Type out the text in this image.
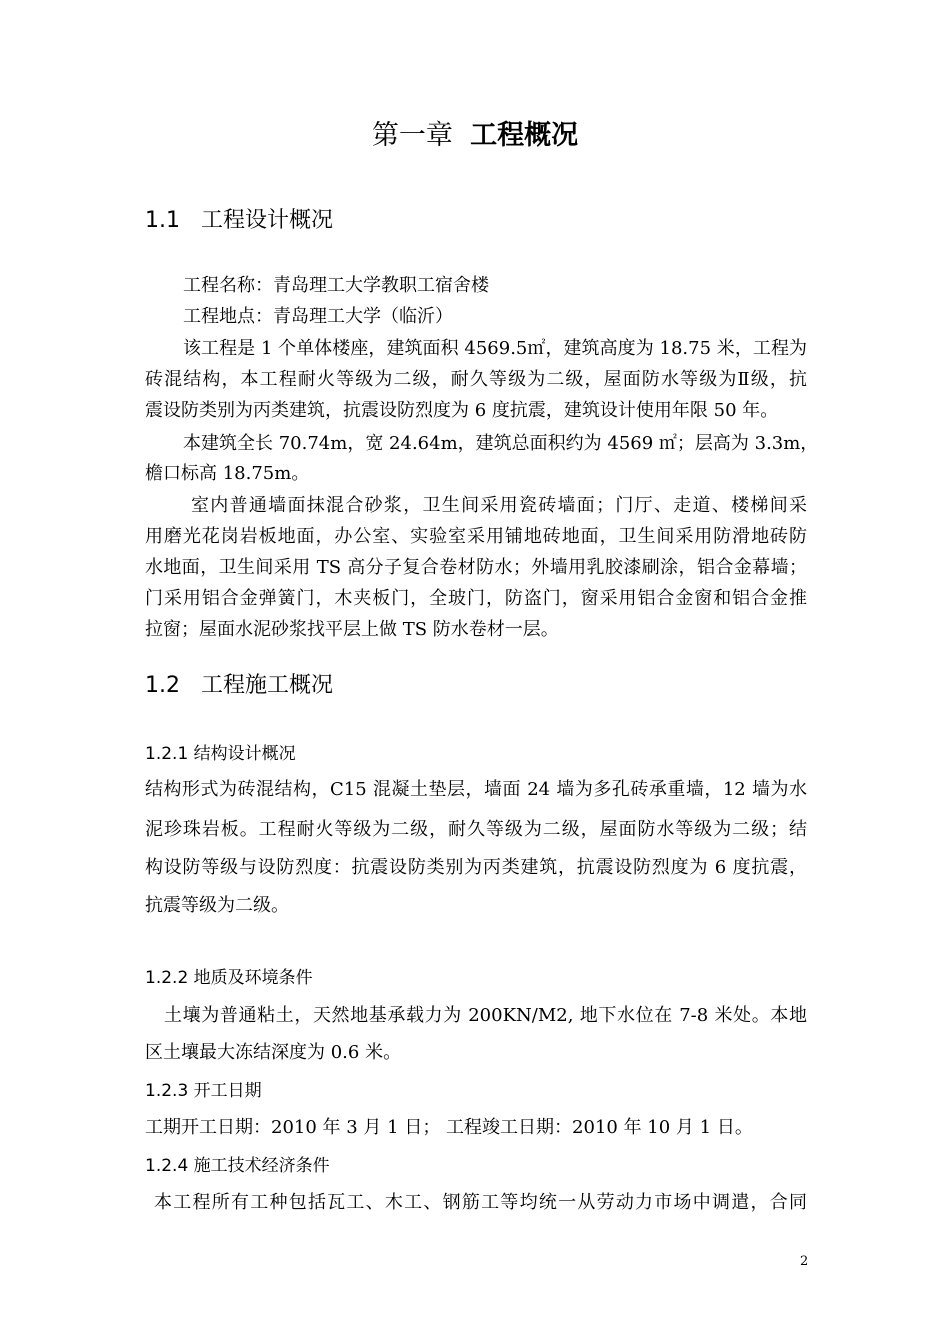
第一章 工程概况
1.1 工程设计概况
工程名称：青岛理工大学教职工宿舍楼
工程地点：青岛理工大学（临沂）
该工程是 1 个单体楼座，建筑面积 4569.5㎡，建筑高度为 18.75 米，工程为
砖混结构，本工程耐火等级为二级，耐久等级为二级，屋面防水等级为Ⅱ级，抗
震设防类别为丙类建筑，抗震设防烈度为 6 度抗震，建筑设计使用年限 50 年。
本建筑全长 70.74m，宽 24.64m，建筑总面积约为 4569 ㎡；层高为 3.3m，
檐口标高 18.75m。
室内普通墙面抹混合砂浆，卫生间采用瓷砖墙面；门厅、走道、楼梯间采
用磨光花岗岩板地面，办公室、实验室采用铺地砖地面，卫生间采用防滑地砖防
水地面，卫生间采用 TS 高分子复合卷材防水；外墙用乳胶漆刷涂，铝合金幕墙；
门采用铝合金弹簧门，木夹板门，全玻门，防盗门，窗采用铝合金窗和铝合金推
拉窗；屋面水泥砂浆找平层上做 TS 防水卷材一层。
1.2 工程施工概况
1.2.1 结构设计概况
结构形式为砖混结构，C15 混凝土垫层，墙面 24 墙为多孔砖承重墙，12 墙为水
泥珍珠岩板。工程耐火等级为二级，耐久等级为二级，屋面防水等级为二级；结
构设防等级与设防烈度：抗震设防类别为丙类建筑，抗震设防烈度为 6 度抗震，
抗震等级为二级。
1.2.2 地质及环境条件
土壤为普通粘土，天然地基承载力为 200KN/M2, 地下水位在 7-8 米处。本地
区土壤最大冻结深度为 0.6 米。
1.2.3 开工日期
工期开工日期：2010 年 3 月 1 日； 工程竣工日期：2010 年 10 月 1 日。
1.2.4 施工技术经济条件
本工程所有工种包括瓦工、木工、钢筋工等均统一从劳动力市场中调遣，合同
2
